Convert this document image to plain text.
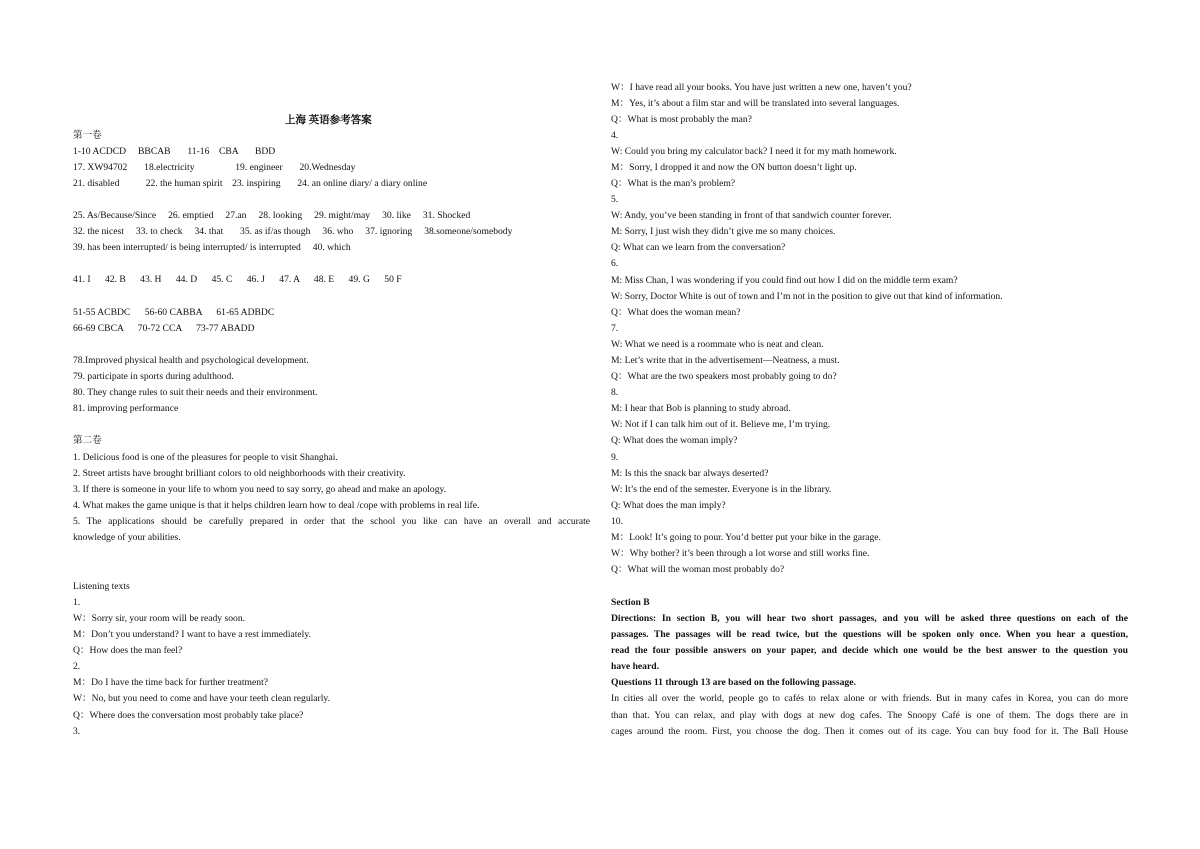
上海 英语参考答案
第一卷
1-10 ACDCD     BBCAB       11-16    CBA       BDD
17. XW94702       18.electricity                 19. engineer       20.Wednesday
21. disabled           22. the human spirit    23. inspiring       24. an online diary/ a diary online
25. As/Because/Since     26. emptied     27.an     28. looking     29. might/may     30. like     31. Shocked
32. the nicest     33. to check     34. that       35. as if/as though     36. who     37. ignoring     38.someone/somebody
39. has been interrupted/ is being interrupted/ is interrupted     40. which
41. I      42. B      43. H      44. D      45. C      46. J      47. A      48. E      49. G      50 F
51-55 ACBDC      56-60 CABBA      61-65 ADBDC
66-69 CBCA      70-72 CCA      73-77 ABADD
78.Improved physical health and psychological development.
79. participate in sports during adulthood.
80. They change rules to suit their needs and their environment.
81. improving performance
第二卷
1. Delicious food is one of the pleasures for people to visit Shanghai.
2. Street artists have brought brilliant colors to old neighborhoods with their creativity.
3. If there is someone in your life to whom you need to say sorry, go ahead and make an apology.
4. What makes the game unique is that it helps children learn how to deal /cope with problems in real life.
5. The applications should be carefully prepared in order that the school you like can have an overall and accurate
knowledge of your abilities.
Listening texts
1.
W：Sorry sir, your room will be ready soon.
M：Don’t you understand? I want to have a rest immediately.
Q：How does the man feel?
2.
M：Do I have the time back for further treatment?
W：No, but you need to come and have your teeth clean regularly.
Q：Where does the conversation most probably take place?
3.
W：I have read all your books. You have just written a new one, haven’t you?
M：Yes, it’s about a film star and will be translated into several languages.
Q：What is most probably the man?
4.
W: Could you bring my calculator back? I need it for my math homework.
M：Sorry, I dropped it and now the ON button doesn’t light up.
Q：What is the man’s problem?
5.
W: Andy, you’ve been standing in front of that sandwich counter forever.
M: Sorry, I just wish they didn’t give me so many choices.
Q: What can we learn from the conversation?
6.
M: Miss Chan, I was wondering if you could find out how I did on the middle term exam?
W: Sorry, Doctor White is out of town and I’m not in the position to give out that kind of information.
Q：What does the woman mean?
7.
W: What we need is a roommate who is neat and clean.
M: Let’s write that in the advertisement—Neatness, a must.
Q：What are the two speakers most probably going to do?
8.
M: I hear that Bob is planning to study abroad.
W: Not if I can talk him out of it. Believe me, I’m trying.
Q: What does the woman imply?
9.
M: Is this the snack bar always deserted?
W: It’s the end of the semester. Everyone is in the library.
Q: What does the man imply?
10.
M：Look! It’s going to pour. You’d better put your bike in the garage.
W：Why bother? it’s been through a lot worse and still works fine.
Q：What will the woman most probably do?
Section B
Directions: In section B, you will hear two short passages, and you will be asked three questions on each of the
passages. The passages will be read twice, but the questions will be spoken only once. When you hear a question,
read the four possible answers on your paper, and decide which one would be the best answer to the question you
have heard.
Questions 11 through 13 are based on the following passage.
In cities all over the world, people go to cafés to relax alone or with friends. But in many cafes in Korea, you can do more
than that. You can relax, and play with dogs at new dog cafes. The Snoopy Café is one of them. The dogs there are in
cages around the room. First, you choose the dog. Then it comes out of its cage. You can buy food for it. The Ball House
